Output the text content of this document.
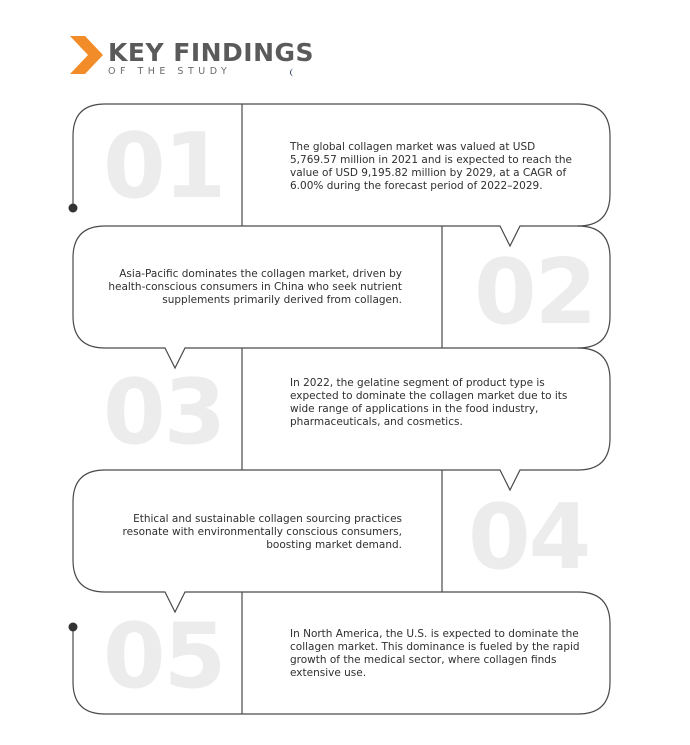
KEY FINDINGS
OF THE STUDY
01
02
03
04
05
The global collagen market was valued at USD 5,769.57 million in 2021 and is expected to reach the value of USD 9,195.82 million by 2029, at a CAGR of 6.00% during the forecast period of 2022–2029.
Asia-Pacific dominates the collagen market, driven by health-conscious consumers in China who seek nutrient supplements primarily derived from collagen.
In 2022, the gelatine segment of product type is expected to dominate the collagen market due to its wide range of applications in the food industry, pharmaceuticals, and cosmetics.
Ethical and sustainable collagen sourcing practices resonate with environmentally conscious consumers, boosting market demand.
In North America, the U.S. is expected to dominate the collagen market. This dominance is fueled by the rapid growth of the medical sector, where collagen finds extensive use.
